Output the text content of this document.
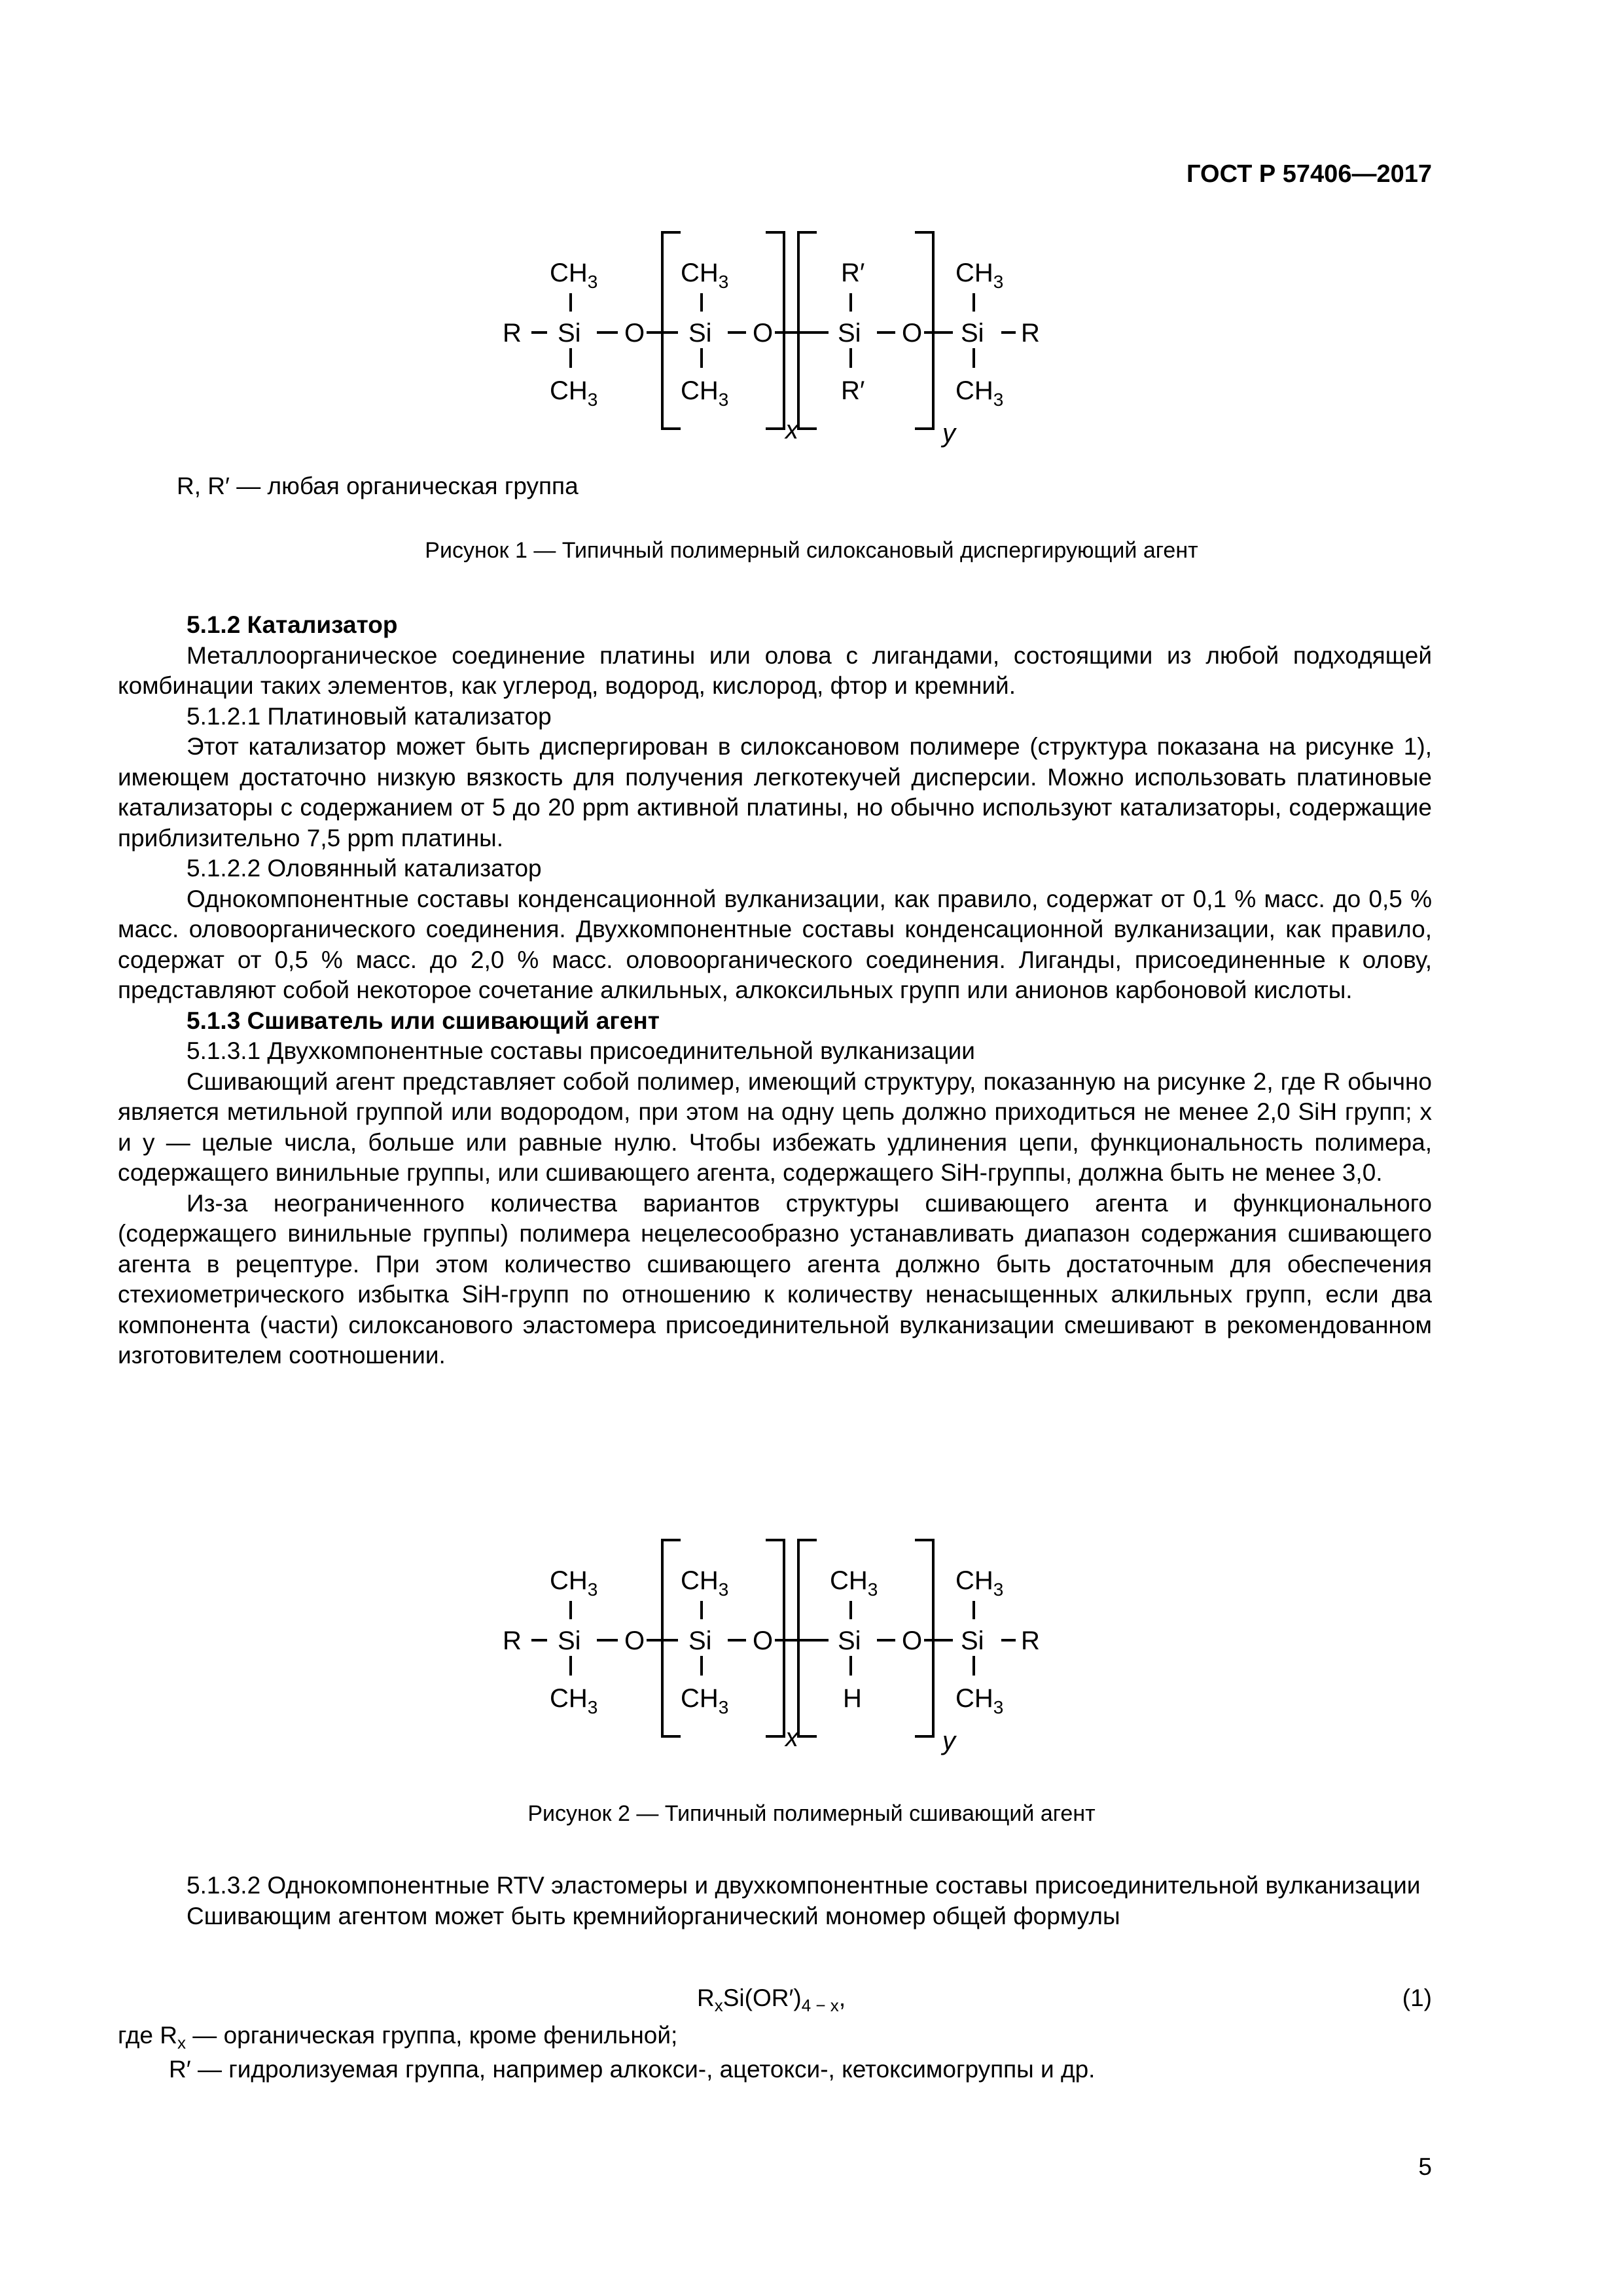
ГОСТ Р 57406—2017
$CH_3$	$CH_3$	R′	$CH_3$
R Si O Si O Si O Si R
$CH_3$	$CH_3$	R′	$CH_3$
x	y
R, R′ — любая органическая группа
Рисунок 1 — Типичный полимерный силоксановый диспергирующий агент
5.1.2 Катализатор

Металлоорганическое соединение платины или олова с лигандами, состоящими из любой подходящей комбинации таких элементов, как углерод, водород, кислород, фтор и кремний.

5.1.2.1 Платиновый катализатор

Этот катализатор может быть диспергирован в силоксановом полимере (структура показана на рисунке 1), имеющем достаточно низкую вязкость для получения легкотекучей дисперсии. Можно использовать платиновые катализаторы с содержанием от 5 до 20 ppm активной платины, но обычно используют катализаторы, содержащие приблизительно 7,5 ppm платины.

5.1.2.2 Оловянный катализатор

Однокомпонентные составы конденсационной вулканизации, как правило, содержат от 0,1 % масс. до 0,5 % масс. оловоорганического соединения. Двухкомпонентные составы конденсационной вулканизации, как правило, содержат от 0,5 % масс. до 2,0 % масс. оловоорганического соединения. Лиганды, присоединенные к олову, представляют собой некоторое сочетание алкильных, алкоксильных групп или анионов карбоновой кислоты.

5.1.3 Сшиватель или сшивающий агент

5.1.3.1 Двухкомпонентные составы присоединительной вулканизации

Сшивающий агент представляет собой полимер, имеющий структуру, показанную на рисунке 2, где R обычно является метильной группой или водородом, при этом на одну цепь должно приходиться не менее 2,0 SiH групп; x и y — целые числа, больше или равные нулю. Чтобы избежать удлинения цепи, функциональность полимера, содержащего винильные группы, или сшивающего агента, содержащего SiH-группы, должна быть не менее 3,0.

Из-за неограниченного количества вариантов структуры сшивающего агента и функционального (содержащего винильные группы) полимера нецелесообразно устанавливать диапазон содержания сшивающего агента в рецептуре. При этом количество сшивающего агента должно быть достаточным для обеспечения стехиометрического избытка SiH-групп по отношению к количеству ненасыщенных алкильных групп, если два компонента (части) силоксанового эластомера присоединительной вулканизации смешивают в рекомендованном изготовителем соотношении.

$CH_3$	$CH_3$	$CH_3$	$CH_3$
R Si O Si O Si O Si R
$CH_3$	$CH_3$	H	$CH_3$
x	y
Рисунок 2 — Типичный полимерный сшивающий агент

5.1.3.2 Однокомпонентные RTV эластомеры и двухкомпонентные составы присоединительной вулканизации

Сшивающим агентом может быть кремнийорганический мономер общей формулы

$R_xSi(OR')_{4 - x}$,	(1)
где $R_x$ — органическая группа, кроме фенильной;
R′ — гидролизуемая группа, например алкокси-, ацетокси-, кетоксимогруппы и др.
5
